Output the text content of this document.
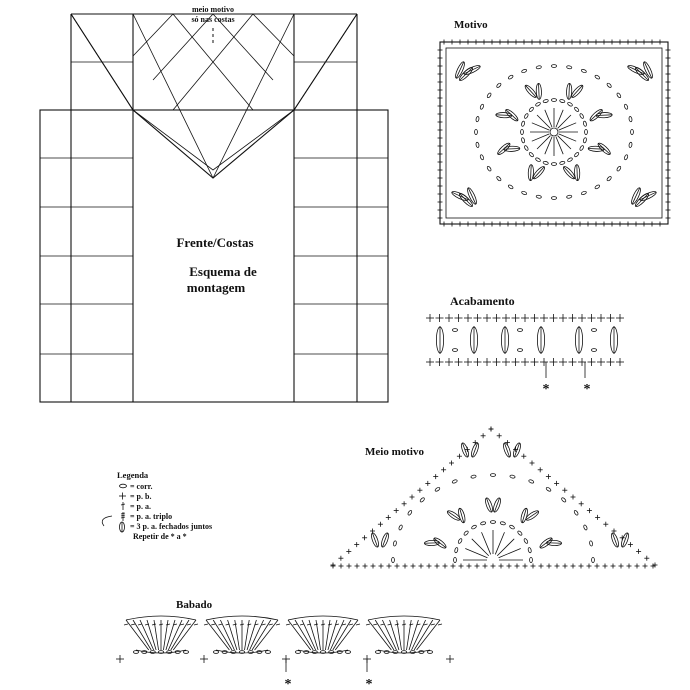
meio motivo
só nas costas
Frente/Costas
Esquema de
montagem
Motivo
Acabamento
* *
Meio motivo
Legenda
= corr.
= p. b.
= p. a.
= p. a. triplo
= 3 p. a. fechados juntos
Repetir de * a *
Babado
*	*
